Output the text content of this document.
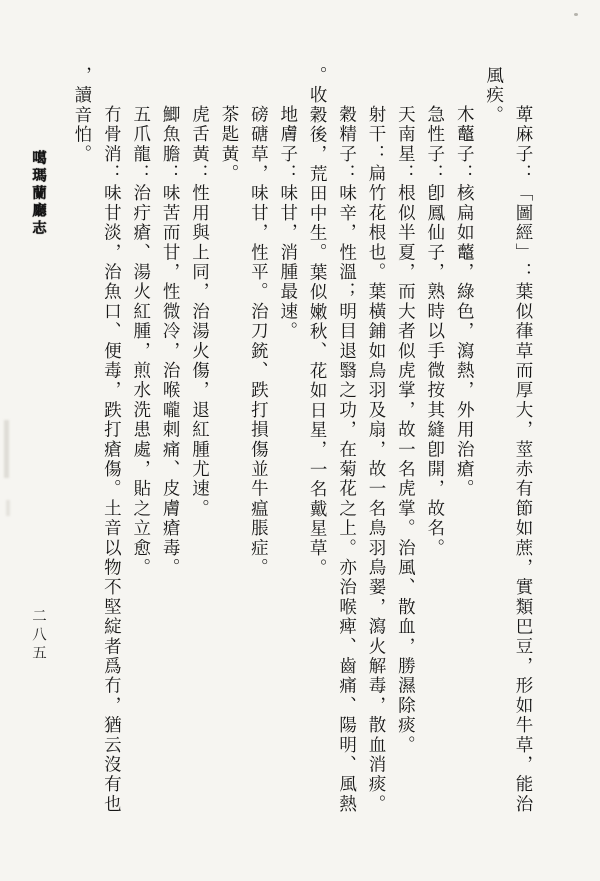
噶瑪蘭廳志
二八五	萆麻子：「圖經」：葉似葎草而厚大，莖赤有節如蔗，實類巴豆，形如牛草，能治
風疾。
木虌子：核扁如虌，綠色，瀉熱，外用治瘡。
急性子：卽鳳仙子，熟時以手微按其縫卽開，故名。
天南星：根似半夏，而大者似虎掌，故一名虎掌。治風、散血，勝濕除痰。
射干：扁竹花根也。葉橫鋪如鳥羽及扇，故一名鳥羽鳥翣，瀉火解毒，散血消痰。
穀精子：味辛，性溫；明目退翳之功，在菊花之上。亦治喉痺、齒痛、陽明、風熱
。收穀後，荒田中生。葉似嫩秋、花如日星，一名戴星草。
地膚子：味甘，消腫最速。
磅磄草，味甘，性平。治刀銃、跌打損傷並牛瘟脹症。
茶匙黃。
虎舌黃：性用與上同，治湯火傷，退紅腫尤速。
鯽魚膽：味苦而甘，性微冷，治喉嚨刺痛、皮膚瘡毒。
五爪龍：治疔瘡、湯火紅腫，煎水洗患處，貼之立愈。
冇骨消：味甘淡，治魚口、便毒，跌打瘡傷。土音以物不堅綻者爲冇，猶云沒有也
，讀音怕。
